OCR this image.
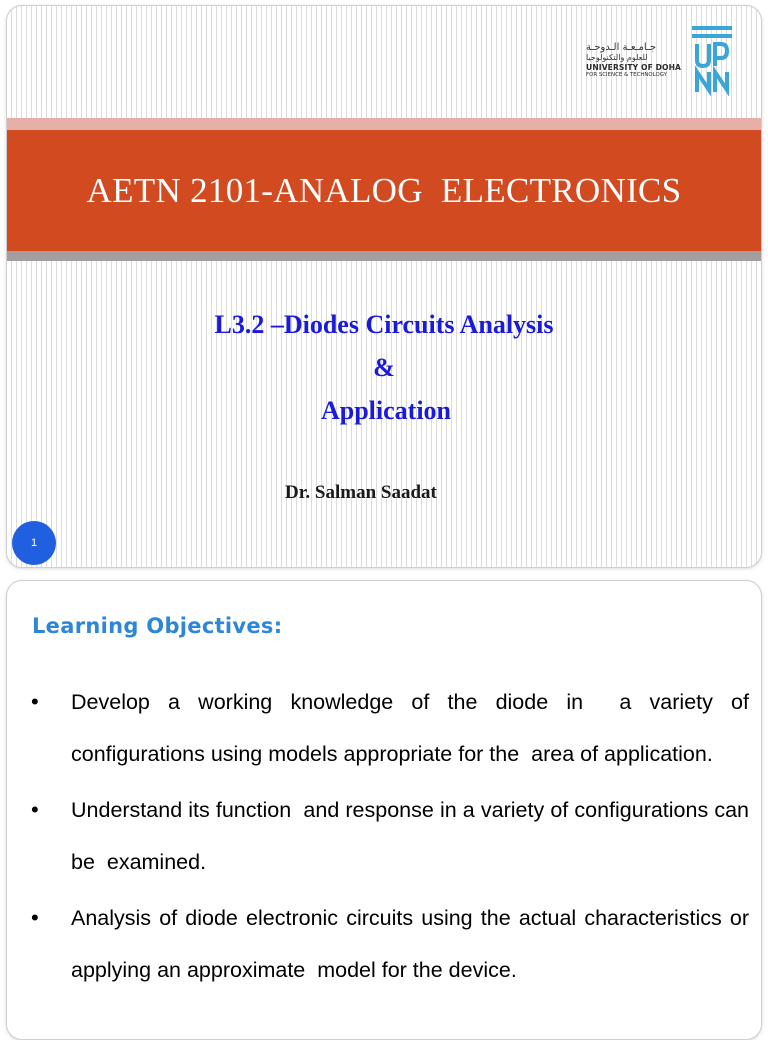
جـامـعـة الـدوحـة
للعلوم والتكنولوجيا
UNIVERSITY OF DOHA
FOR SCIENCE & TECHNOLOGY
AETN 2101-ANALOG  ELECTRONICS
L3.2 –Diodes Circuits Analysis
&
Application
Dr. Salman Saadat
1
Learning Objectives:
•	Develop a working knowledge of the diode in  a variety of configurations using models appropriate for the  area of application.
•	Understand its function  and response in a variety of configurations can be  examined.
•	Analysis of diode electronic circuits using the actual characteristics or applying an approximate  model for the device.
